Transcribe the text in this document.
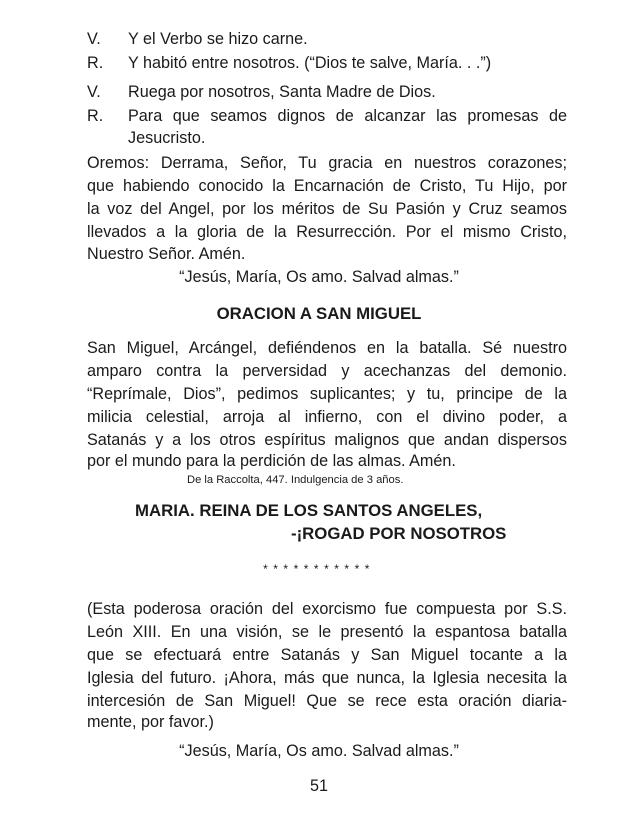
V. Y el Verbo se hizo carne.
R. Y habitó entre nosotros. (“Dios te salve, María. . .”)
V. Ruega por nosotros, Santa Madre de Dios.
R. Para que seamos dignos de alcanzar las promesas de
Jesucristo.
Oremos: Derrama, Señor, Tu gracia en nuestros corazones;
que habiendo conocido la Encarnación de Cristo, Tu Hijo, por
la voz del Angel, por los méritos de Su Pasión y Cruz seamos
llevados a la gloria de la Resurrección. Por el mismo Cristo,
Nuestro Señor. Amén.
“Jesús, María, Os amo. Salvad almas.”
ORACION A SAN MIGUEL
San Miguel, Arcángel, defiéndenos en la batalla. Sé nuestro
amparo contra la perversidad y acechanzas del demonio.
“Reprímale, Dios”, pedimos suplicantes; y tu, principe de la
milicia celestial, arroja al infierno, con el divino poder, a
Satanás y a los otros espíritus malignos que andan dispersos
por el mundo para la perdición de las almas. Amén.
De la Raccolta, 447. Indulgencia de 3 años.
MARIA. REINA DE LOS SANTOS ANGELES,
-¡ROGAD POR NOSOTROS
***********
(Esta poderosa oración del exorcismo fue compuesta por S.S.
León XIII. En una visión, se le presentó la espantosa batalla
que se efectuará entre Satanás y San Miguel tocante a la
Iglesia del futuro. ¡Ahora, más que nunca, la Iglesia necesita la
intercesión de San Miguel! Que se rece esta oración diaria-
mente, por favor.)
“Jesús, María, Os amo. Salvad almas.”
51
